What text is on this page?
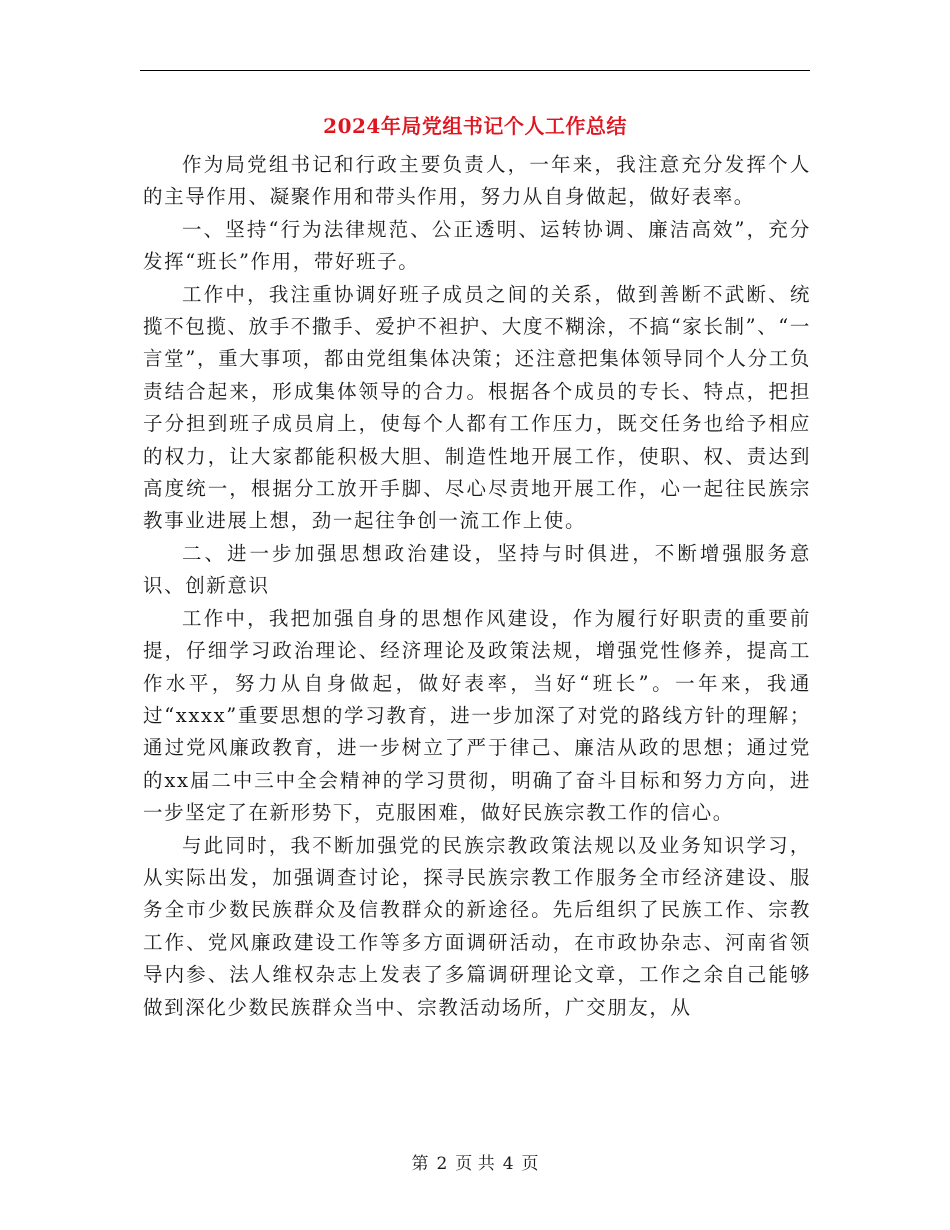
2024年局党组书记个人工作总结

作为局党组书记和行政主要负责人，一年来，我注意充分发挥个人的主导作用、凝聚作用和带头作用，努力从自身做起，做好表率。

一、坚持“行为法律规范、公正透明、运转协调、廉洁高效”，充分发挥“班长”作用，带好班子。

工作中，我注重协调好班子成员之间的关系，做到善断不武断、统揽不包揽、放手不撒手、爱护不袒护、大度不糊涂，不搞“家长制”、“一言堂”，重大事项，都由党组集体决策；还注意把集体领导同个人分工负责结合起来，形成集体领导的合力。根据各个成员的专长、特点，把担子分担到班子成员肩上，使每个人都有工作压力，既交任务也给予相应的权力，让大家都能积极大胆、制造性地开展工作，使职、权、责达到高度统一，根据分工放开手脚、尽心尽责地开展工作，心一起往民族宗教事业进展上想，劲一起往争创一流工作上使。

二、进一步加强思想政治建设，坚持与时俱进，不断增强服务意识、创新意识

工作中，我把加强自身的思想作风建设，作为履行好职责的重要前提，仔细学习政治理论、经济理论及政策法规，增强党性修养，提高工作水平，努力从自身做起，做好表率，当好“班长”。一年来，我通过“xxxx”重要思想的学习教育，进一步加深了对党的路线方针的理解；通过党风廉政教育，进一步树立了严于律己、廉洁从政的思想；通过党的xx届二中三中全会精神的学习贯彻，明确了奋斗目标和努力方向，进一步坚定了在新形势下，克服困难，做好民族宗教工作的信心。

与此同时，我不断加强党的民族宗教政策法规以及业务知识学习，从实际出发，加强调查讨论，探寻民族宗教工作服务全市经济建设、服务全市少数民族群众及信教群众的新途径。先后组织了民族工作、宗教工作、党风廉政建设工作等多方面调研活动，在市政协杂志、河南省领导内参、法人维权杂志上发表了多篇调研理论文章，工作之余自己能够做到深化少数民族群众当中、宗教活动场所，广交朋友，从

第 2 页 共 4 页
